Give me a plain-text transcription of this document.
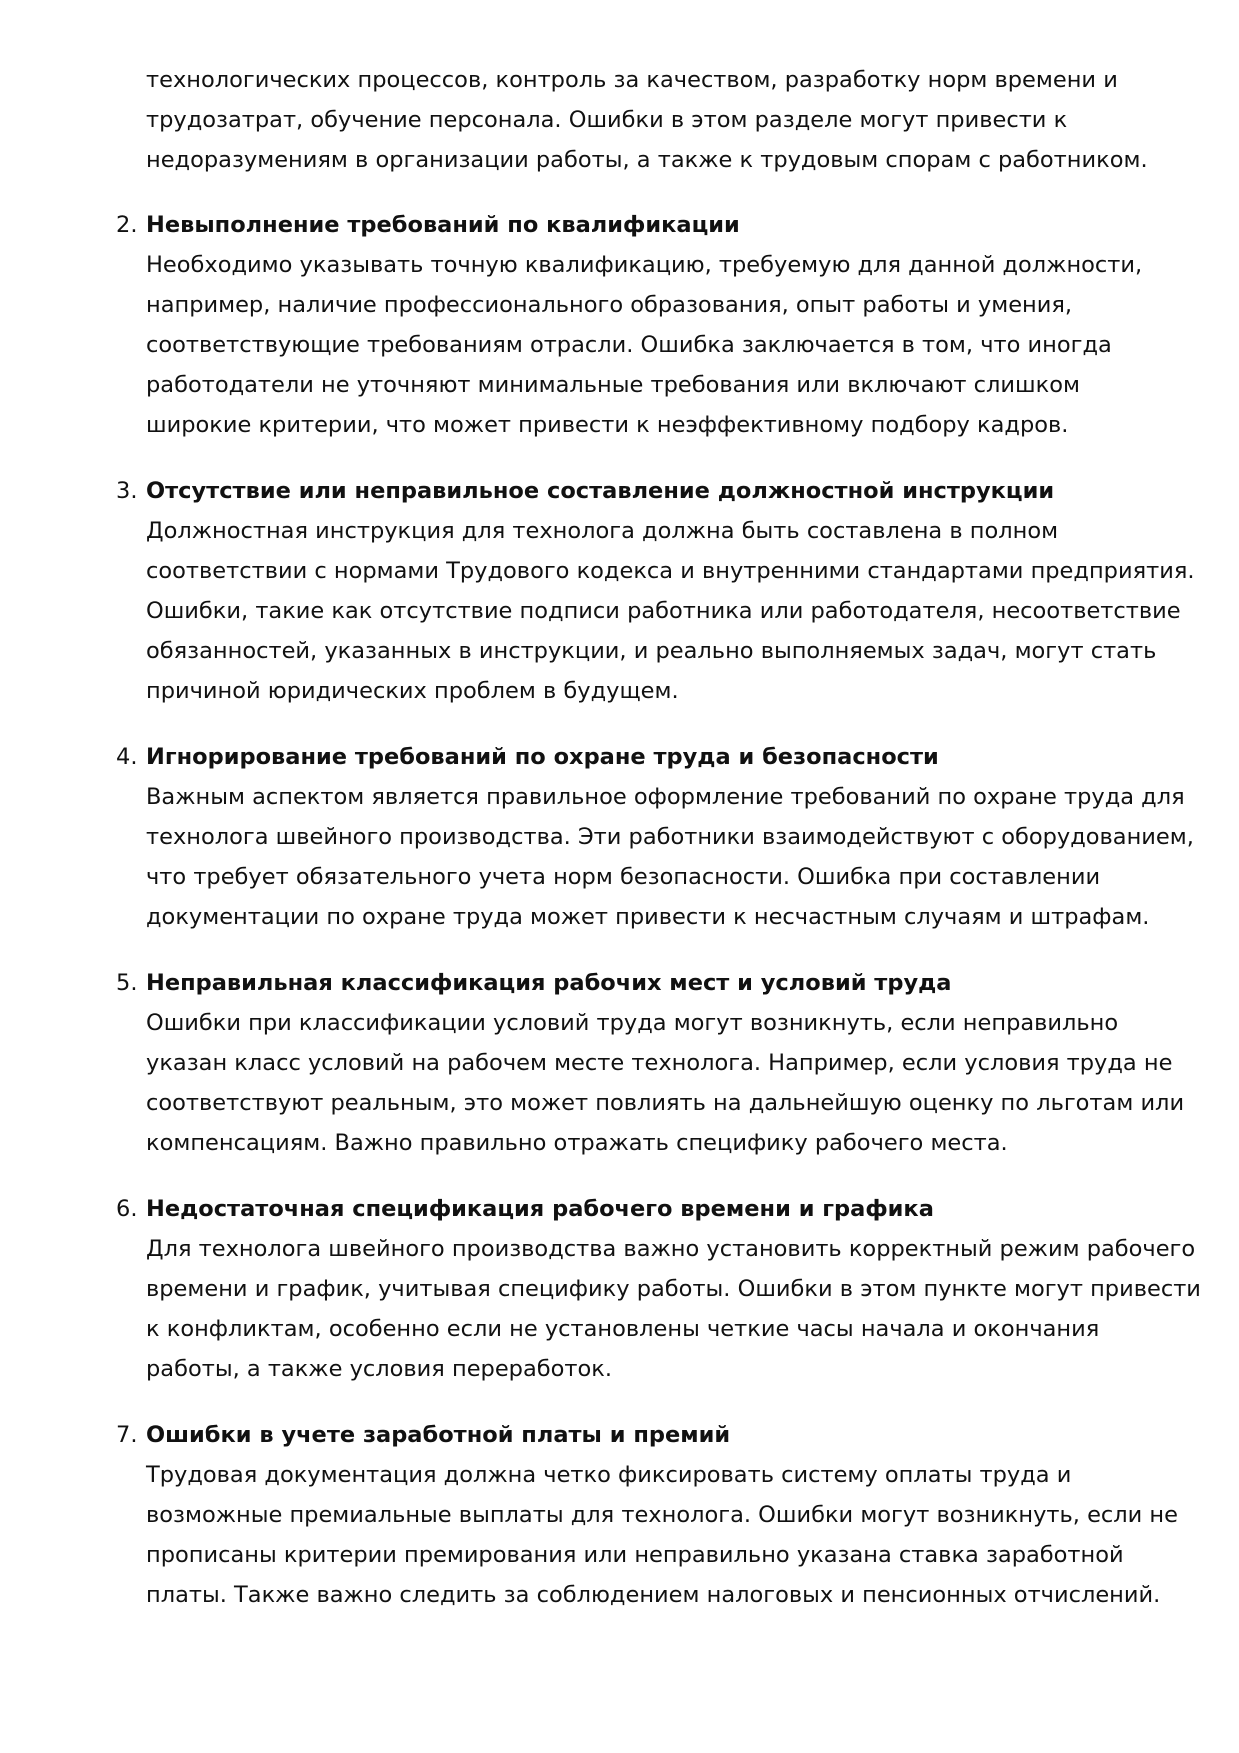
технологических процессов, контроль за качеством, разработку норм времени и
трудозатрат, обучение персонала. Ошибки в этом разделе могут привести к
недоразумениям в организации работы, а также к трудовым спорам с работником.

2. Невыполнение требований по квалификации
Необходимо указывать точную квалификацию, требуемую для данной должности,
например, наличие профессионального образования, опыт работы и умения,
соответствующие требованиям отрасли. Ошибка заключается в том, что иногда
работодатели не уточняют минимальные требования или включают слишком
широкие критерии, что может привести к неэффективному подбору кадров.
3. Отсутствие или неправильное составление должностной инструкции
Должностная инструкция для технолога должна быть составлена в полном
соответствии с нормами Трудового кодекса и внутренними стандартами предприятия.
Ошибки, такие как отсутствие подписи работника или работодателя, несоответствие
обязанностей, указанных в инструкции, и реально выполняемых задач, могут стать
причиной юридических проблем в будущем.
4. Игнорирование требований по охране труда и безопасности
Важным аспектом является правильное оформление требований по охране труда для
технолога швейного производства. Эти работники взаимодействуют с оборудованием,
что требует обязательного учета норм безопасности. Ошибка при составлении
документации по охране труда может привести к несчастным случаям и штрафам.
5. Неправильная классификация рабочих мест и условий труда
Ошибки при классификации условий труда могут возникнуть, если неправильно
указан класс условий на рабочем месте технолога. Например, если условия труда не
соответствуют реальным, это может повлиять на дальнейшую оценку по льготам или
компенсациям. Важно правильно отражать специфику рабочего места.
6. Недостаточная спецификация рабочего времени и графика
Для технолога швейного производства важно установить корректный режим рабочего
времени и график, учитывая специфику работы. Ошибки в этом пункте могут привести
к конфликтам, особенно если не установлены четкие часы начала и окончания
работы, а также условия переработок.
7. Ошибки в учете заработной платы и премий
Трудовая документация должна четко фиксировать систему оплаты труда и
возможные премиальные выплаты для технолога. Ошибки могут возникнуть, если не
прописаны критерии премирования или неправильно указана ставка заработной
платы. Также важно следить за соблюдением налоговых и пенсионных отчислений.
